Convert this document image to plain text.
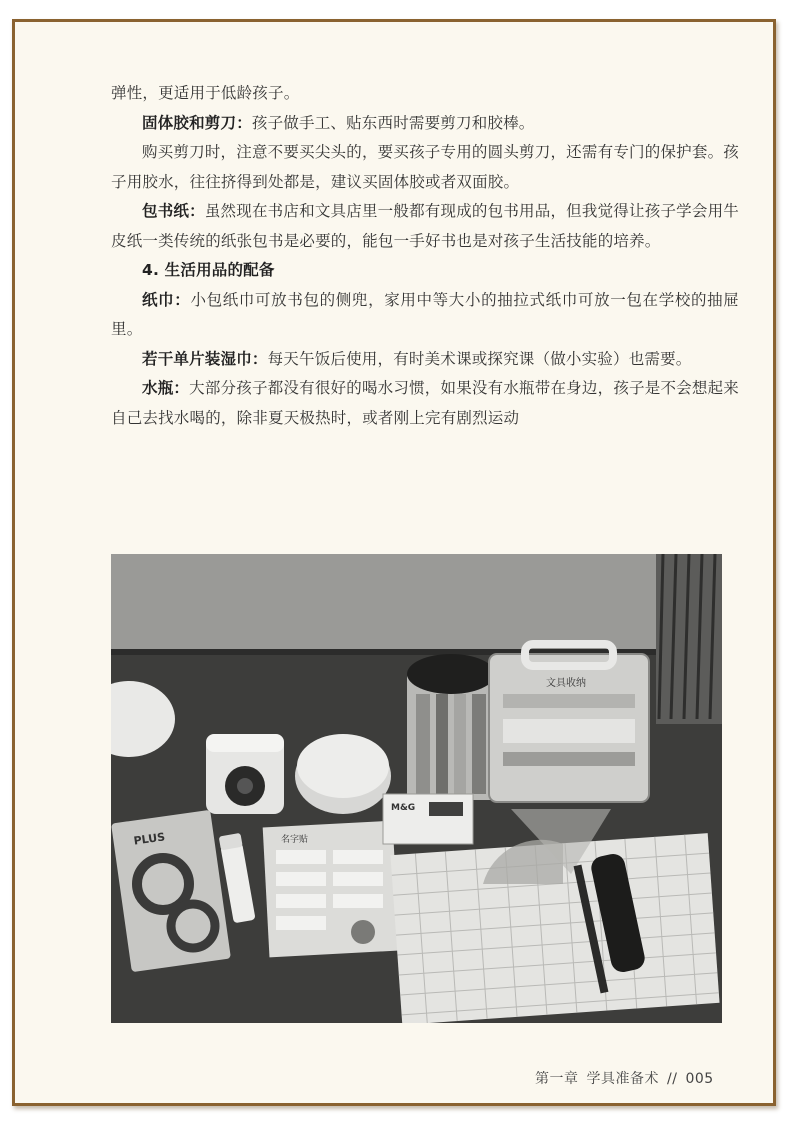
弹性，更适用于低龄孩子。

固体胶和剪刀：孩子做手工、贴东西时需要剪刀和胶棒。

购买剪刀时，注意不要买尖头的，要买孩子专用的圆头剪刀，还需有专门的保护套。孩子用胶水，往往挤得到处都是，建议买固体胶或者双面胶。

包书纸：虽然现在书店和文具店里一般都有现成的包书用品，但我觉得让孩子学会用牛皮纸一类传统的纸张包书是必要的，能包一手好书也是对孩子生活技能的培养。

4. 生活用品的配备

纸巾：小包纸巾可放书包的侧兜，家用中等大小的抽拉式纸巾可放一包在学校的抽屉里。

若干单片装湿巾：每天午饭后使用，有时美术课或探究课（做小实验）也需要。

水瓶：大部分孩子都没有很好的喝水习惯，如果没有水瓶带在身边，孩子是不会想起来自己去找水喝的，除非夏天极热时，或者刚上完有剧烈运动

文具收纳
PLUS	名字贴
M&G
第一章 学具准备术 // 005
